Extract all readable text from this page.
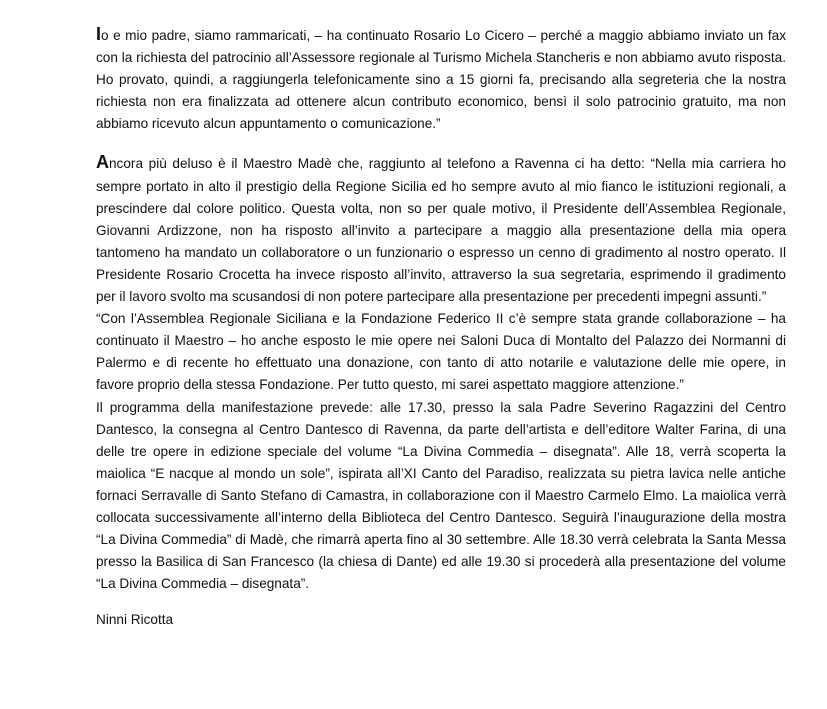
Io e mio padre, siamo rammaricati, – ha continuato Rosario Lo Cicero – perché a maggio abbiamo inviato un fax con la richiesta del patrocinio all’Assessore regionale al Turismo Michela Stancheris e non abbiamo avuto risposta. Ho provato, quindi, a raggiungerla telefonicamente sino a 15 giorni fa, precisando alla segreteria che la nostra richiesta non era finalizzata ad ottenere alcun contributo economico, bensì il solo patrocinio gratuito, ma non abbiamo ricevuto alcun appuntamento o comunicazione.”

Ancora più deluso è il Maestro Madè che, raggiunto al telefono a Ravenna ci ha detto: “Nella mia carriera ho sempre portato in alto il prestigio della Regione Sicilia ed ho sempre avuto al mio fianco le istituzioni regionali, a prescindere dal colore politico. Questa volta, non so per quale motivo, il Presidente dell’Assemblea Regionale, Giovanni Ardizzone, non ha risposto all’invito a partecipare a maggio alla presentazione della mia opera tantomeno ha mandato un collaboratore o un funzionario o espresso un cenno di gradimento al nostro operato. Il Presidente Rosario Crocetta ha invece risposto all’invito, attraverso la sua segretaria, esprimendo il gradimento per il lavoro svolto ma scusandosi di non potere partecipare alla presentazione per precedenti impegni assunti.”

“Con l’Assemblea Regionale Siciliana e la Fondazione Federico II c’è sempre stata grande collaborazione – ha continuato il Maestro – ho anche esposto le mie opere nei Saloni Duca di Montalto del Palazzo dei Normanni di Palermo e di recente ho effettuato una donazione, con tanto di atto notarile e valutazione delle mie opere, in favore proprio della stessa Fondazione. Per tutto questo, mi sarei aspettato maggiore attenzione.”

Il programma della manifestazione prevede: alle 17.30, presso la sala Padre Severino Ragazzini del Centro Dantesco, la consegna al Centro Dantesco di Ravenna, da parte dell’artista e dell’editore Walter Farina, di una delle tre opere in edizione speciale del volume “La Divina Commedia – disegnata”. Alle 18, verrà scoperta la maiolica “E nacque al mondo un sole”, ispirata all’XI Canto del Paradiso, realizzata su pietra lavica nelle antiche fornaci Serravalle di Santo Stefano di Camastra, in collaborazione con il Maestro Carmelo Elmo. La maiolica verrà collocata successivamente all’interno della Biblioteca del Centro Dantesco. Seguirà l’inaugurazione della mostra “La Divina Commedia” di Madè, che rimarrà aperta fino al 30 settembre. Alle 18.30 verrà celebrata la Santa Messa presso la Basilica di San Francesco (la chiesa di Dante) ed alle 19.30 si procederà alla presentazione del volume “La Divina Commedia – disegnata”.

Ninni Ricotta
